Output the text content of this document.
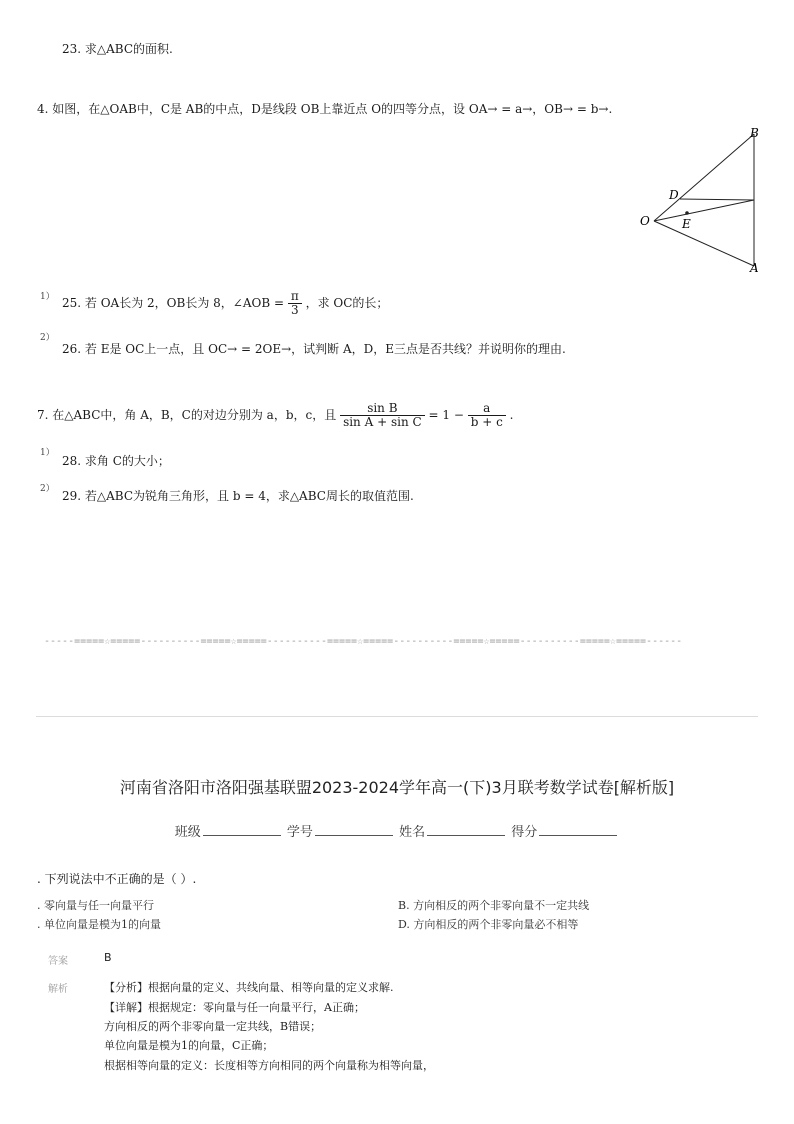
23. 求△ABC的面积.
4. 如图，在△OAB中，C是 AB的中点，D是线段 OB上靠近点 O的四等分点，设 OA→ = a→，OB→ = b→.
B
D
O	E
A
1） 25. 若 OA长为 2，OB长为 8，∠AOB = $\frac{\pi}{3}$ ，求 OC的长；
2）
26. 若 E是 OC上一点，且 OC→ = 2OE→，试判断 A，D，E三点是否共线？并说明你的理由.
7. 在△ABC中，角 A，B，C的对边分别为 a，b，c，且 $\frac{\text{sin B}}{\text{sin A + sin C}} = 1 - \frac{a}{b + c}$ .
1）
28. 求角 C的大小；
2） 29. 若△ABC为锐角三角形，且 b = 4，求△ABC周长的取值范围.
-----=====☆=====----------=====☆=====----------=====☆=====----------=====☆=====----------=====☆=====------
河南省洛阳市洛阳强基联盟2023-2024学年高一(下)3月联考数学试卷[解析版]
班级	学号	姓名	得分
. 下列说法中不正确的是（ ）.
. 零向量与任一向量平行	B. 方向相反的两个非零向量不一定共线
. 单位向量是模为1的向量	D. 方向相反的两个非零向量必不相等
答案	B
解析	【分析】根据向量的定义、共线向量、相等向量的定义求解.
【详解】根据规定：零向量与任一向量平行，A正确；
方向相反的两个非零向量一定共线，B错误；
单位向量是模为1的向量，C正确；
根据相等向量的定义：长度相等方向相同的两个向量称为相等向量，
